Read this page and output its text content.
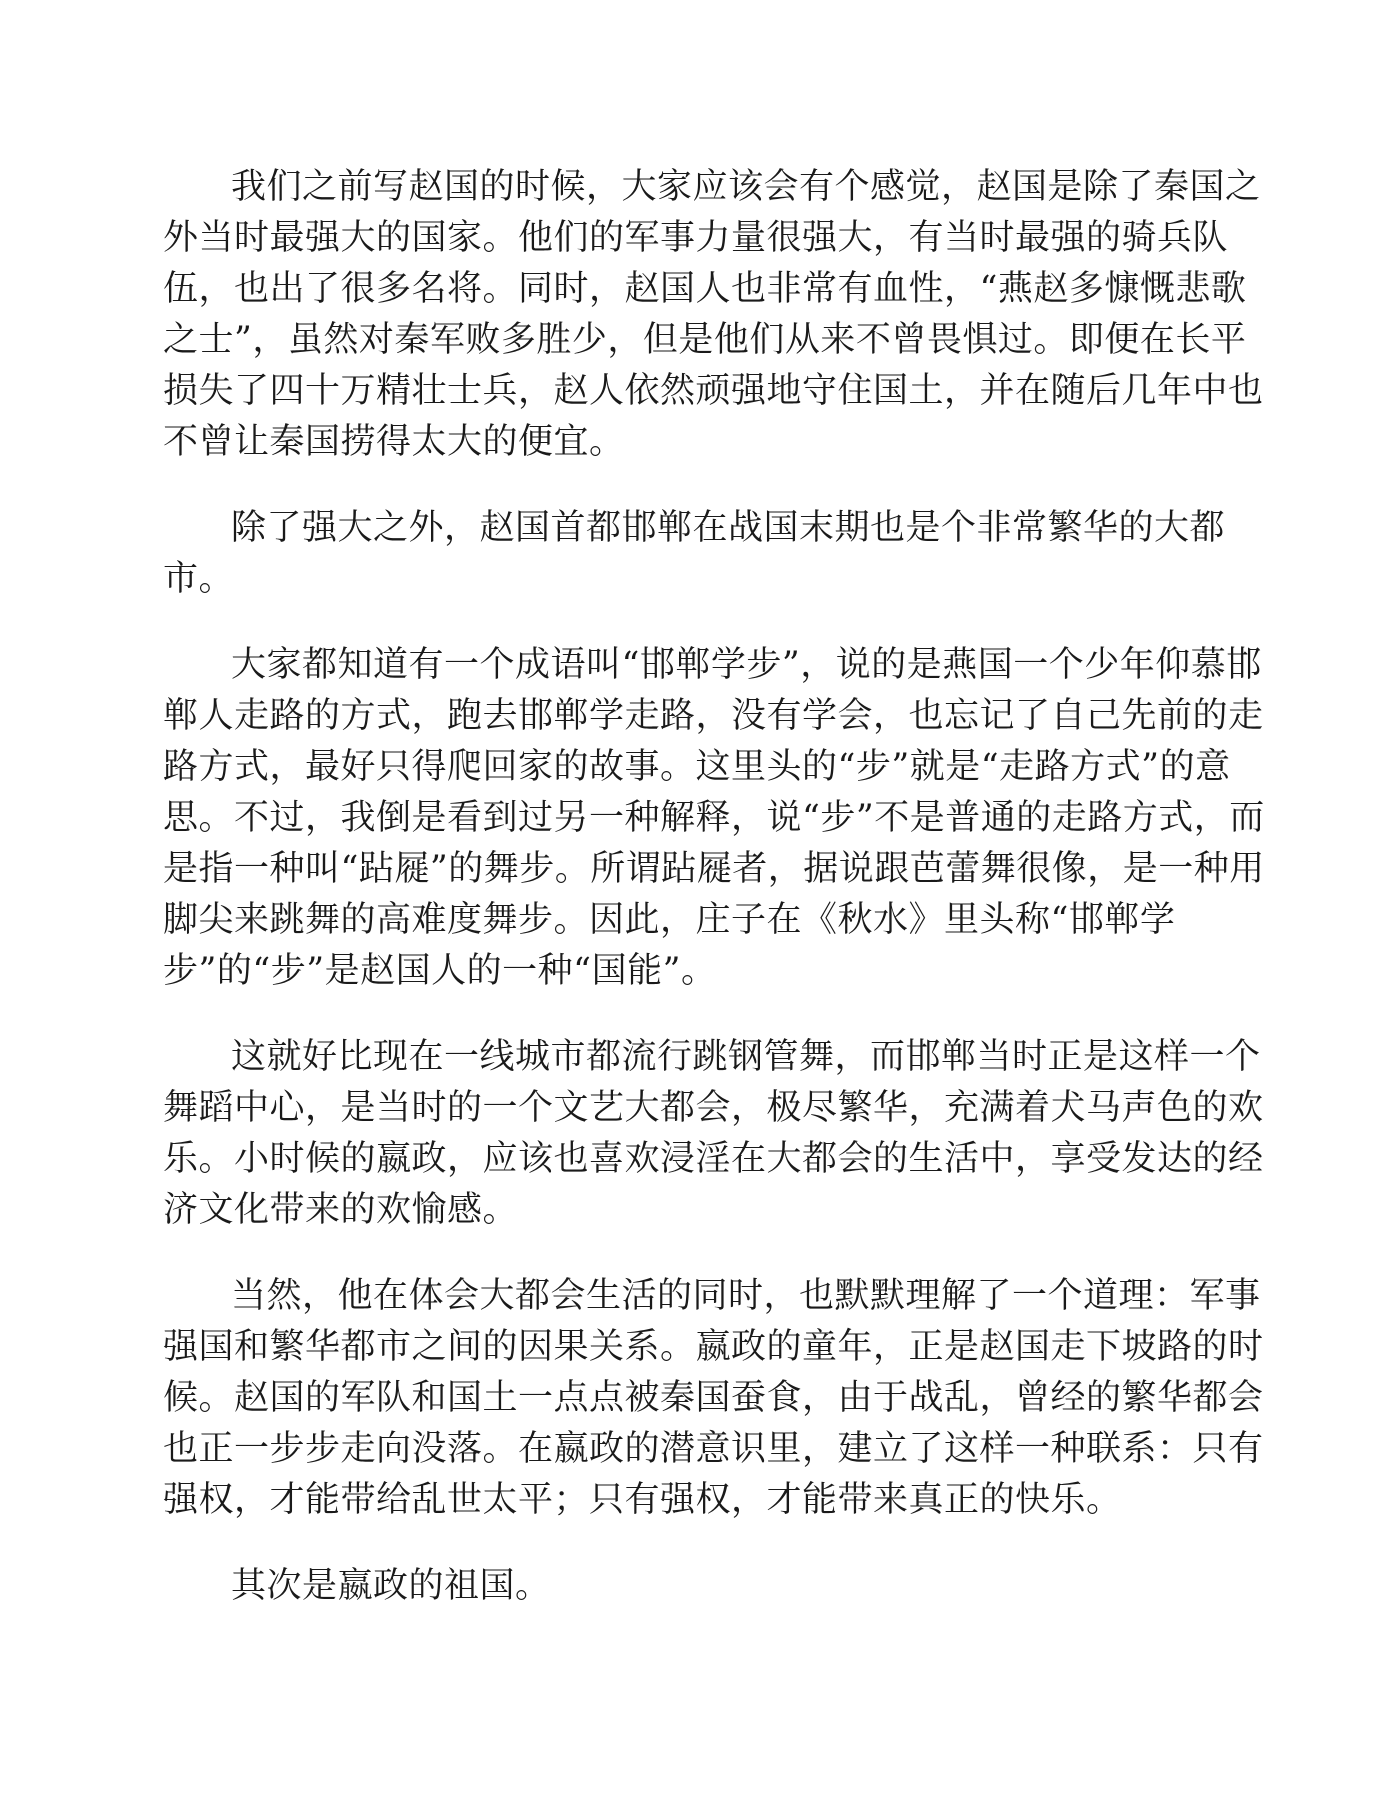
我们之前写赵国的时候，大家应该会有个感觉，赵国是除了秦国之
外当时最强大的国家。他们的军事力量很强大，有当时最强的骑兵队
伍，也出了很多名将。同时，赵国人也非常有血性，“燕赵多慷慨悲歌
之士”，虽然对秦军败多胜少，但是他们从来不曾畏惧过。即便在长平
损失了四十万精壮士兵，赵人依然顽强地守住国土，并在随后几年中也
不曾让秦国捞得太大的便宜。
除了强大之外，赵国首都邯郸在战国末期也是个非常繁华的大都
市。
大家都知道有一个成语叫“邯郸学步”，说的是燕国一个少年仰慕邯
郸人走路的方式，跑去邯郸学走路，没有学会，也忘记了自己先前的走
路方式，最好只得爬回家的故事。这里头的“步”就是“走路方式”的意
思。不过，我倒是看到过另一种解释，说“步”不是普通的走路方式，而
是指一种叫“跕屣”的舞步。所谓跕屣者，据说跟芭蕾舞很像，是一种用
脚尖来跳舞的高难度舞步。因此，庄子在《秋水》里头称“邯郸学
步”的“步”是赵国人的一种“国能”。
这就好比现在一线城市都流行跳钢管舞，而邯郸当时正是这样一个
舞蹈中心，是当时的一个文艺大都会，极尽繁华，充满着犬马声色的欢
乐。小时候的嬴政，应该也喜欢浸淫在大都会的生活中，享受发达的经
济文化带来的欢愉感。
当然，他在体会大都会生活的同时，也默默理解了一个道理：军事
强国和繁华都市之间的因果关系。嬴政的童年，正是赵国走下坡路的时
候。赵国的军队和国土一点点被秦国蚕食，由于战乱，曾经的繁华都会
也正一步步走向没落。在嬴政的潜意识里，建立了这样一种联系：只有
强权，才能带给乱世太平；只有强权，才能带来真正的快乐。
其次是嬴政的祖国。
